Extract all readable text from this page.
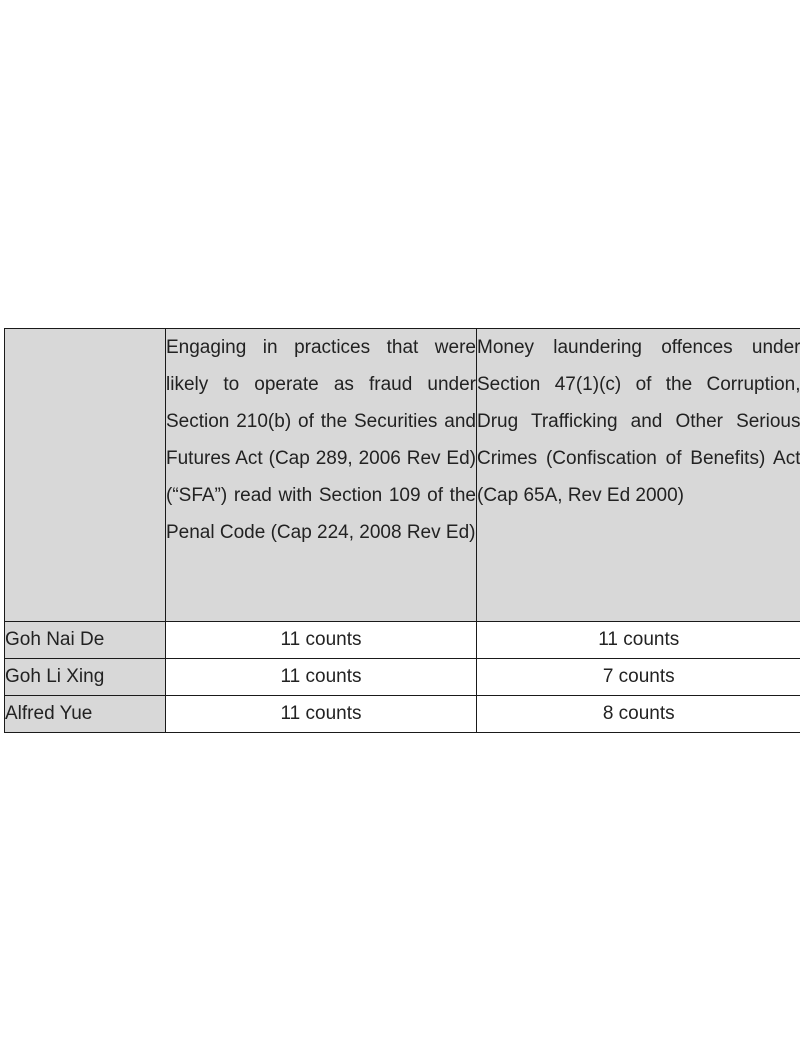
	Engaging in practices that were likely to operate as fraud under Section 210(b) of the Securities and Futures Act (Cap 289, 2006 Rev Ed) (“SFA”) read with Section 109 of the Penal Code (Cap 224, 2008 Rev Ed)	Money laundering offences under Section 47(1)(c) of the Corruption, Drug Trafficking and Other Serious Crimes (Confiscation of Benefits) Act (Cap 65A, Rev Ed 2000)
Goh Nai De	11 counts	11 counts
Goh Li Xing	11 counts	7 counts
Alfred Yue	11 counts	8 counts
